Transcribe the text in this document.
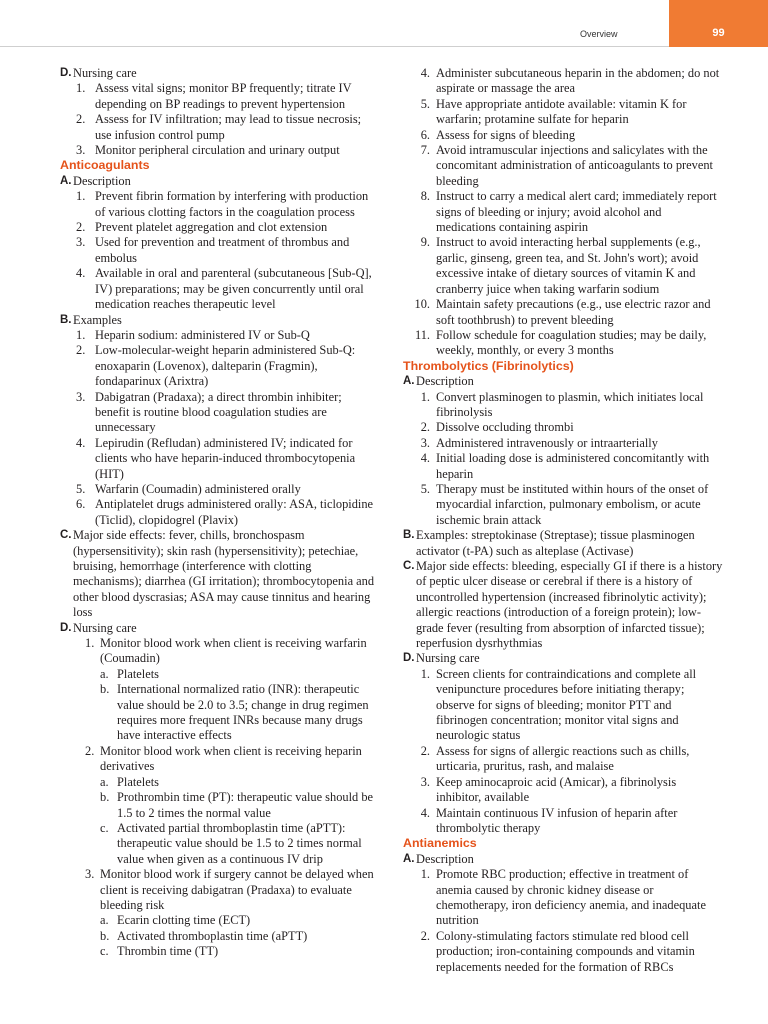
Overview	99
D. Nursing care
1. Assess vital signs; monitor BP frequently; titrate IV depending on BP readings to prevent hypertension
2. Assess for IV infiltration; may lead to tissue necrosis; use infusion control pump
3. Monitor peripheral circulation and urinary output
Anticoagulants
A. Description
1. Prevent fibrin formation by interfering with production of various clotting factors in the coagulation process
2. Prevent platelet aggregation and clot extension
3. Used for prevention and treatment of thrombus and embolus
4. Available in oral and parenteral (subcutaneous [Sub-Q], IV) preparations; may be given concurrently until oral medication reaches therapeutic level
B. Examples
1. Heparin sodium: administered IV or Sub-Q
2. Low-molecular-weight heparin administered Sub-Q: enoxaparin (Lovenox), dalteparin (Fragmin), fondaparinux (Arixtra)
3. Dabigatran (Pradaxa); a direct thrombin inhibiter; benefit is routine blood coagulation studies are unnecessary
4. Lepirudin (Refludan) administered IV; indicated for clients who have heparin-induced thrombocytopenia (HIT)
5. Warfarin (Coumadin) administered orally
6. Antiplatelet drugs administered orally: ASA, ticlopidine (Ticlid), clopidogrel (Plavix)
C. Major side effects: fever, chills, bronchospasm (hypersensitivity); skin rash (hypersensitivity); petechiae, bruising, hemorrhage (interference with clotting mechanisms); diarrhea (GI irritation); thrombocytopenia and other blood dyscrasias; ASA may cause tinnitus and hearing loss
D. Nursing care
1. Monitor blood work when client is receiving warfarin (Coumadin)
a. Platelets
b. International normalized ratio (INR): therapeutic value should be 2.0 to 3.5; change in drug regimen requires more frequent INRs because many drugs have interactive effects
2. Monitor blood work when client is receiving heparin derivatives
a. Platelets
b. Prothrombin time (PT): therapeutic value should be 1.5 to 2 times the normal value
c. Activated partial thromboplastin time (aPTT): therapeutic value should be 1.5 to 2 times normal value when given as a continuous IV drip
3. Monitor blood work if surgery cannot be delayed when client is receiving dabigatran (Pradaxa) to evaluate bleeding risk
a. Ecarin clotting time (ECT)
b. Activated thromboplastin time (aPTT)
c. Thrombin time (TT)
4. Administer subcutaneous heparin in the abdomen; do not aspirate or massage the area
5. Have appropriate antidote available: vitamin K for warfarin; protamine sulfate for heparin
6. Assess for signs of bleeding
7. Avoid intramuscular injections and salicylates with the concomitant administration of anticoagulants to prevent bleeding
8. Instruct to carry a medical alert card; immediately report signs of bleeding or injury; avoid alcohol and medications containing aspirin
9. Instruct to avoid interacting herbal supplements (e.g., garlic, ginseng, green tea, and St. John's wort); avoid excessive intake of dietary sources of vitamin K and cranberry juice when taking warfarin sodium
10. Maintain safety precautions (e.g., use electric razor and soft toothbrush) to prevent bleeding
11. Follow schedule for coagulation studies; may be daily, weekly, monthly, or every 3 months
Thrombolytics (Fibrinolytics)
A. Description
1. Convert plasminogen to plasmin, which initiates local fibrinolysis
2. Dissolve occluding thrombi
3. Administered intravenously or intraarterially
4. Initial loading dose is administered concomitantly with heparin
5. Therapy must be instituted within hours of the onset of myocardial infarction, pulmonary embolism, or acute ischemic brain attack
B. Examples: streptokinase (Streptase); tissue plasminogen activator (t-PA) such as alteplase (Activase)
C. Major side effects: bleeding, especially GI if there is a history of peptic ulcer disease or cerebral if there is a history of uncontrolled hypertension (increased fibrinolytic activity); allergic reactions (introduction of a foreign protein); low-grade fever (resulting from absorption of infarcted tissue); reperfusion dysrhythmias
D. Nursing care
1. Screen clients for contraindications and complete all venipuncture procedures before initiating therapy; observe for signs of bleeding; monitor PTT and fibrinogen concentration; monitor vital signs and neurologic status
2. Assess for signs of allergic reactions such as chills, urticaria, pruritus, rash, and malaise
3. Keep aminocaproic acid (Amicar), a fibrinolysis inhibitor, available
4. Maintain continuous IV infusion of heparin after thrombolytic therapy
Antianemics
A. Description
1. Promote RBC production; effective in treatment of anemia caused by chronic kidney disease or chemotherapy, iron deficiency anemia, and inadequate nutrition
2. Colony-stimulating factors stimulate red blood cell production; iron-containing compounds and vitamin replacements needed for the formation of RBCs
